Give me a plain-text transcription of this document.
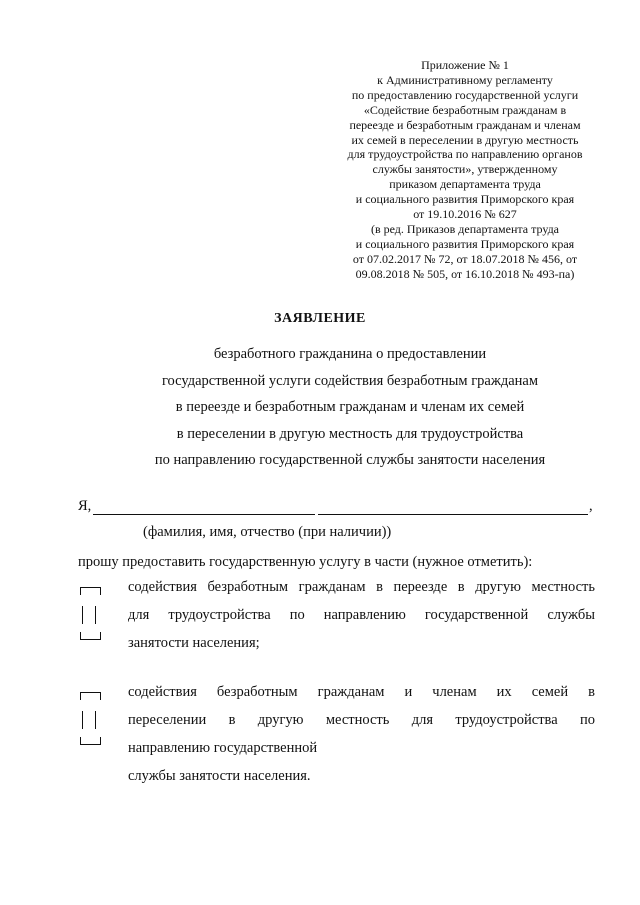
Приложение № 1
к Административному регламенту
по предоставлению государственной услуги
«Содействие безработным гражданам в
переезде и безработным гражданам и членам
их семей в переселении в другую местность
для трудоустройства по направлению органов
службы занятости», утвержденному
приказом департамента труда
и социального развития Приморского края
от 19.10.2016 № 627
(в ред. Приказов департамента труда
и социального развития Приморского края
от 07.02.2017 № 72, от 18.07.2018 № 456, от
09.08.2018 № 505, от 16.10.2018 № 493-па)
ЗАЯВЛЕНИЕ
безработного гражданина о предоставлении
государственной услуги содействия безработным гражданам
в переезде и безработным гражданам и членам их семей
в переселении в другую местность для трудоустройства
по направлению государственной службы занятости населения
Я,	,
(фамилия, имя, отчество (при наличии))
прошу предоставить государственную услугу в части (нужное отметить):
содействия безработным гражданам в переезде в другую местность
для трудоустройства по направлению государственной службы
занятости населения;
содействия безработным гражданам и членам их семей в
переселении в другую местность для трудоустройства по
направлению государственной
службы занятости населения.
